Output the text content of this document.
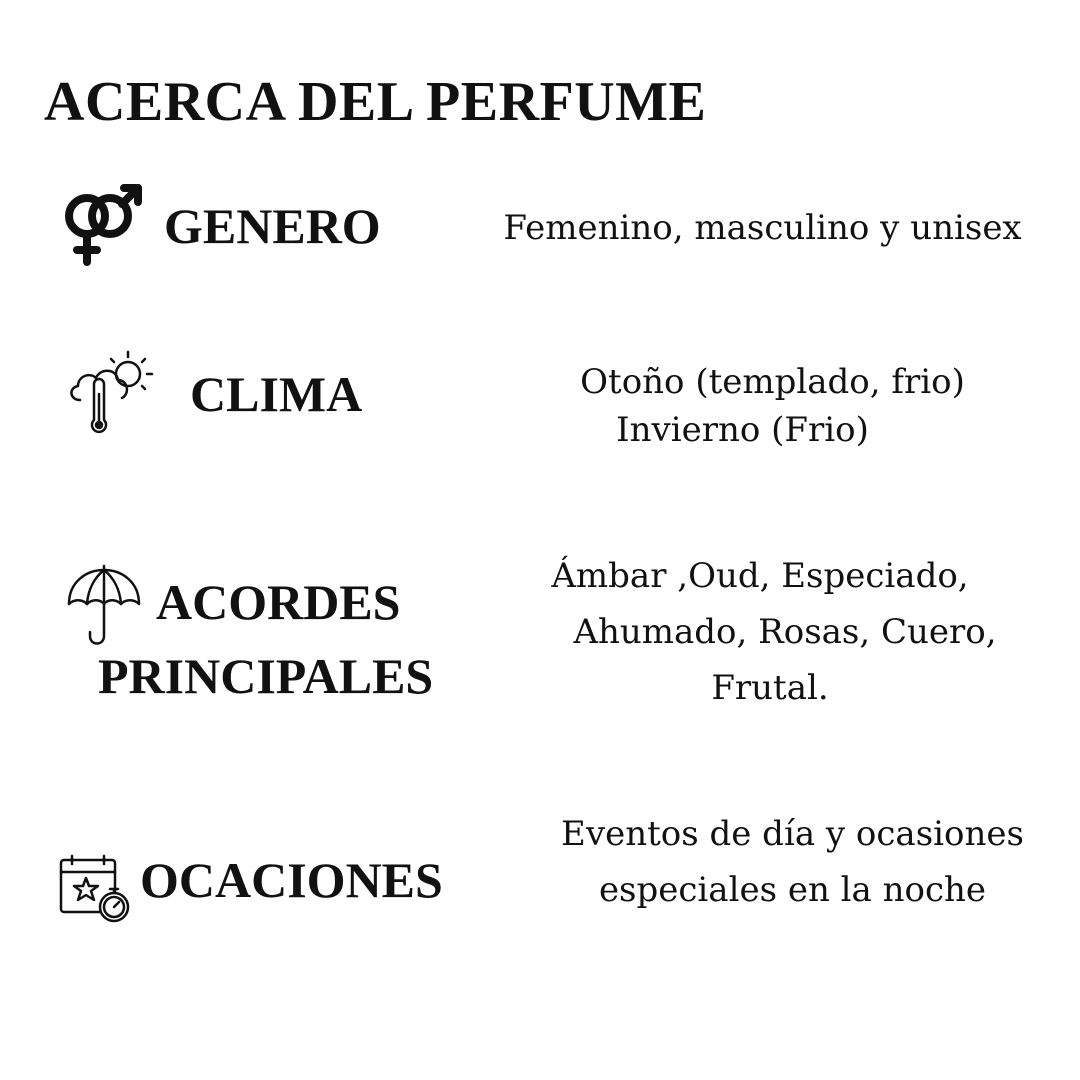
ACERCA DEL PERFUME
GENERO	Femenino, masculino y unisex
CLIMA	Otoño (templado, frio)
Invierno (Frio)
ACORDES
PRINCIPALES
Ámbar ,Oud, Especiado,
Ahumado, Rosas, Cuero,
Frutal.
OCACIONES
Eventos de día y ocasiones
especiales en la noche
